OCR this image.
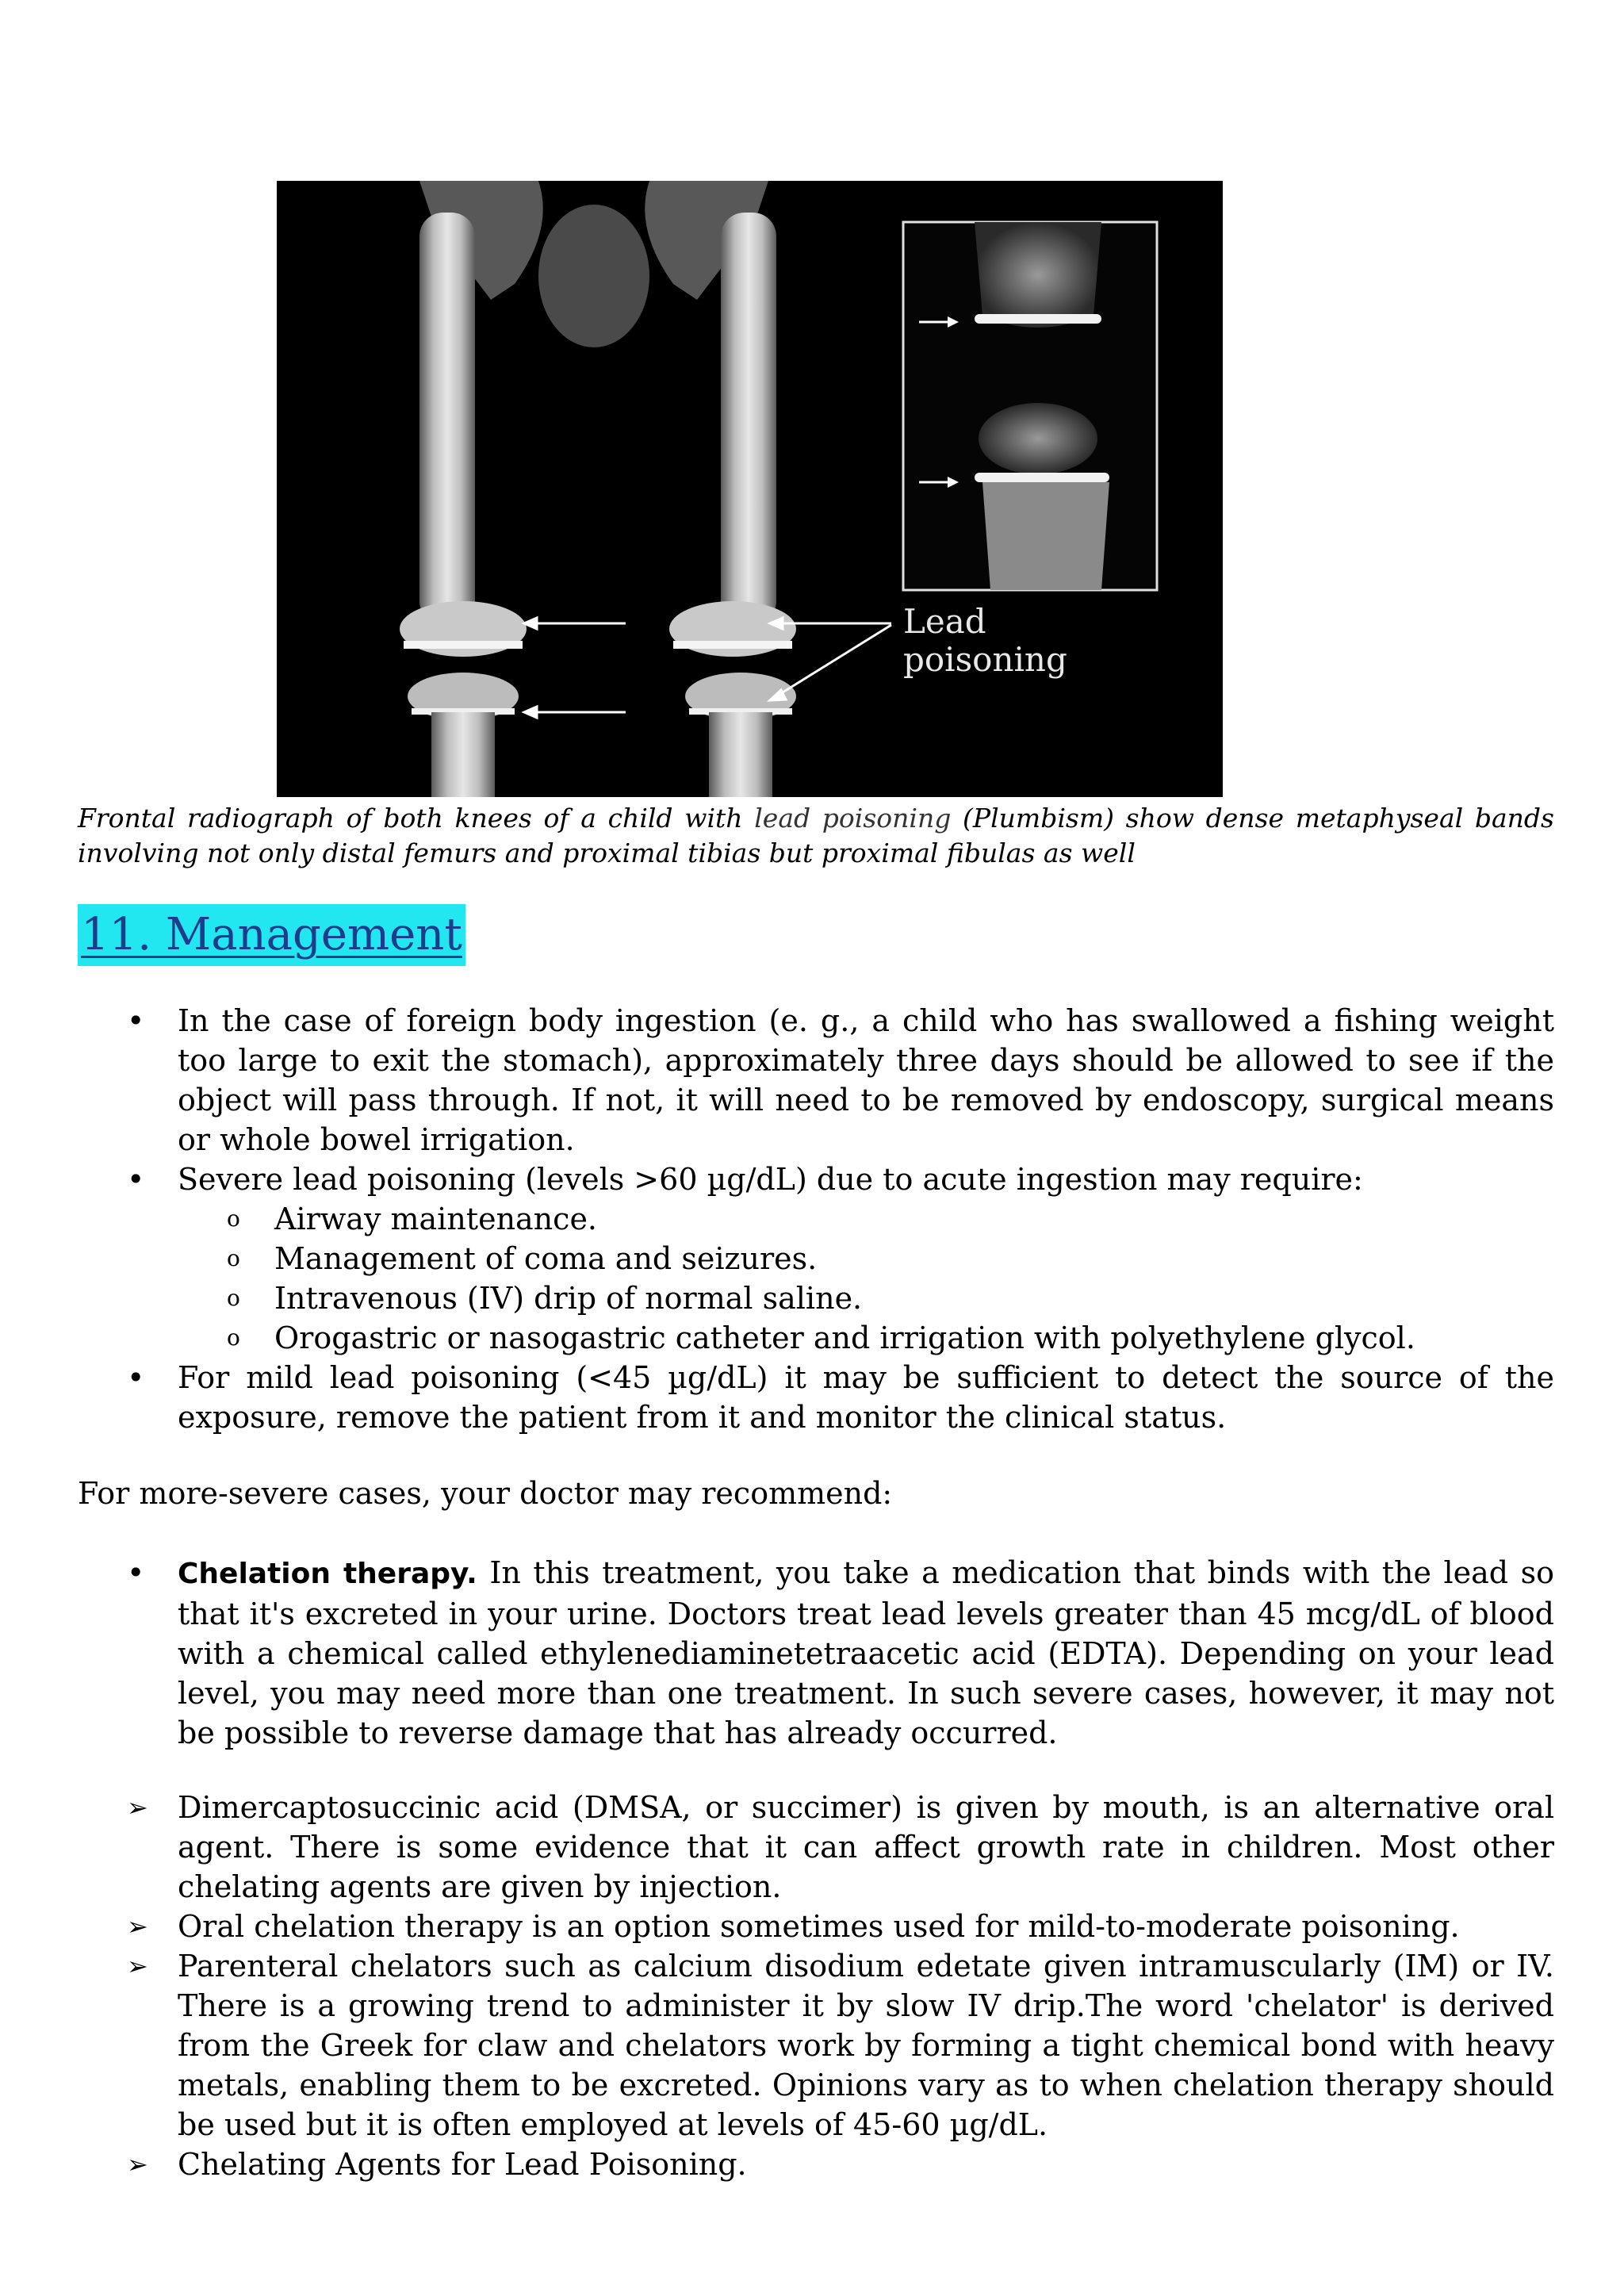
Lead
poisoning
Frontal radiograph of both knees of a child with lead poisoning (Plumbism) show dense metaphyseal bands involving not only distal femurs and proximal tibias but proximal fibulas as well
11. Management
• In the case of foreign body ingestion (e. g., a child who has swallowed a fishing weight too large to exit the stomach), approximately three days should be allowed to see if the object will pass through. If not, it will need to be removed by endoscopy, surgical means or whole bowel irrigation.
• Severe lead poisoning (levels >60 µg/dL) due to acute ingestion may require:
o Airway maintenance.
o Management of coma and seizures.
o Intravenous (IV) drip of normal saline.
o Orogastric or nasogastric catheter and irrigation with polyethylene glycol.
• For mild lead poisoning (<45 µg/dL) it may be sufficient to detect the source of the exposure, remove the patient from it and monitor the clinical status.
For more-severe cases, your doctor may recommend:
• Chelation therapy. In this treatment, you take a medication that binds with the lead so that it's excreted in your urine. Doctors treat lead levels greater than 45 mcg/dL of blood with a chemical called ethylenediaminetetraacetic acid (EDTA). Depending on your lead level, you may need more than one treatment. In such severe cases, however, it may not be possible to reverse damage that has already occurred.
➢ Dimercaptosuccinic acid (DMSA, or succimer) is given by mouth, is an alternative oral agent. There is some evidence that it can affect growth rate in children. Most other chelating agents are given by injection.
➢ Oral chelation therapy is an option sometimes used for mild-to-moderate poisoning.
➢ Parenteral chelators such as calcium disodium edetate given intramuscularly (IM) or IV. There is a growing trend to administer it by slow IV drip.The word 'chelator' is derived from the Greek for claw and chelators work by forming a tight chemical bond with heavy metals, enabling them to be excreted. Opinions vary as to when chelation therapy should be used but it is often employed at levels of 45-60 µg/dL.
➢ Chelating Agents for Lead Poisoning.
